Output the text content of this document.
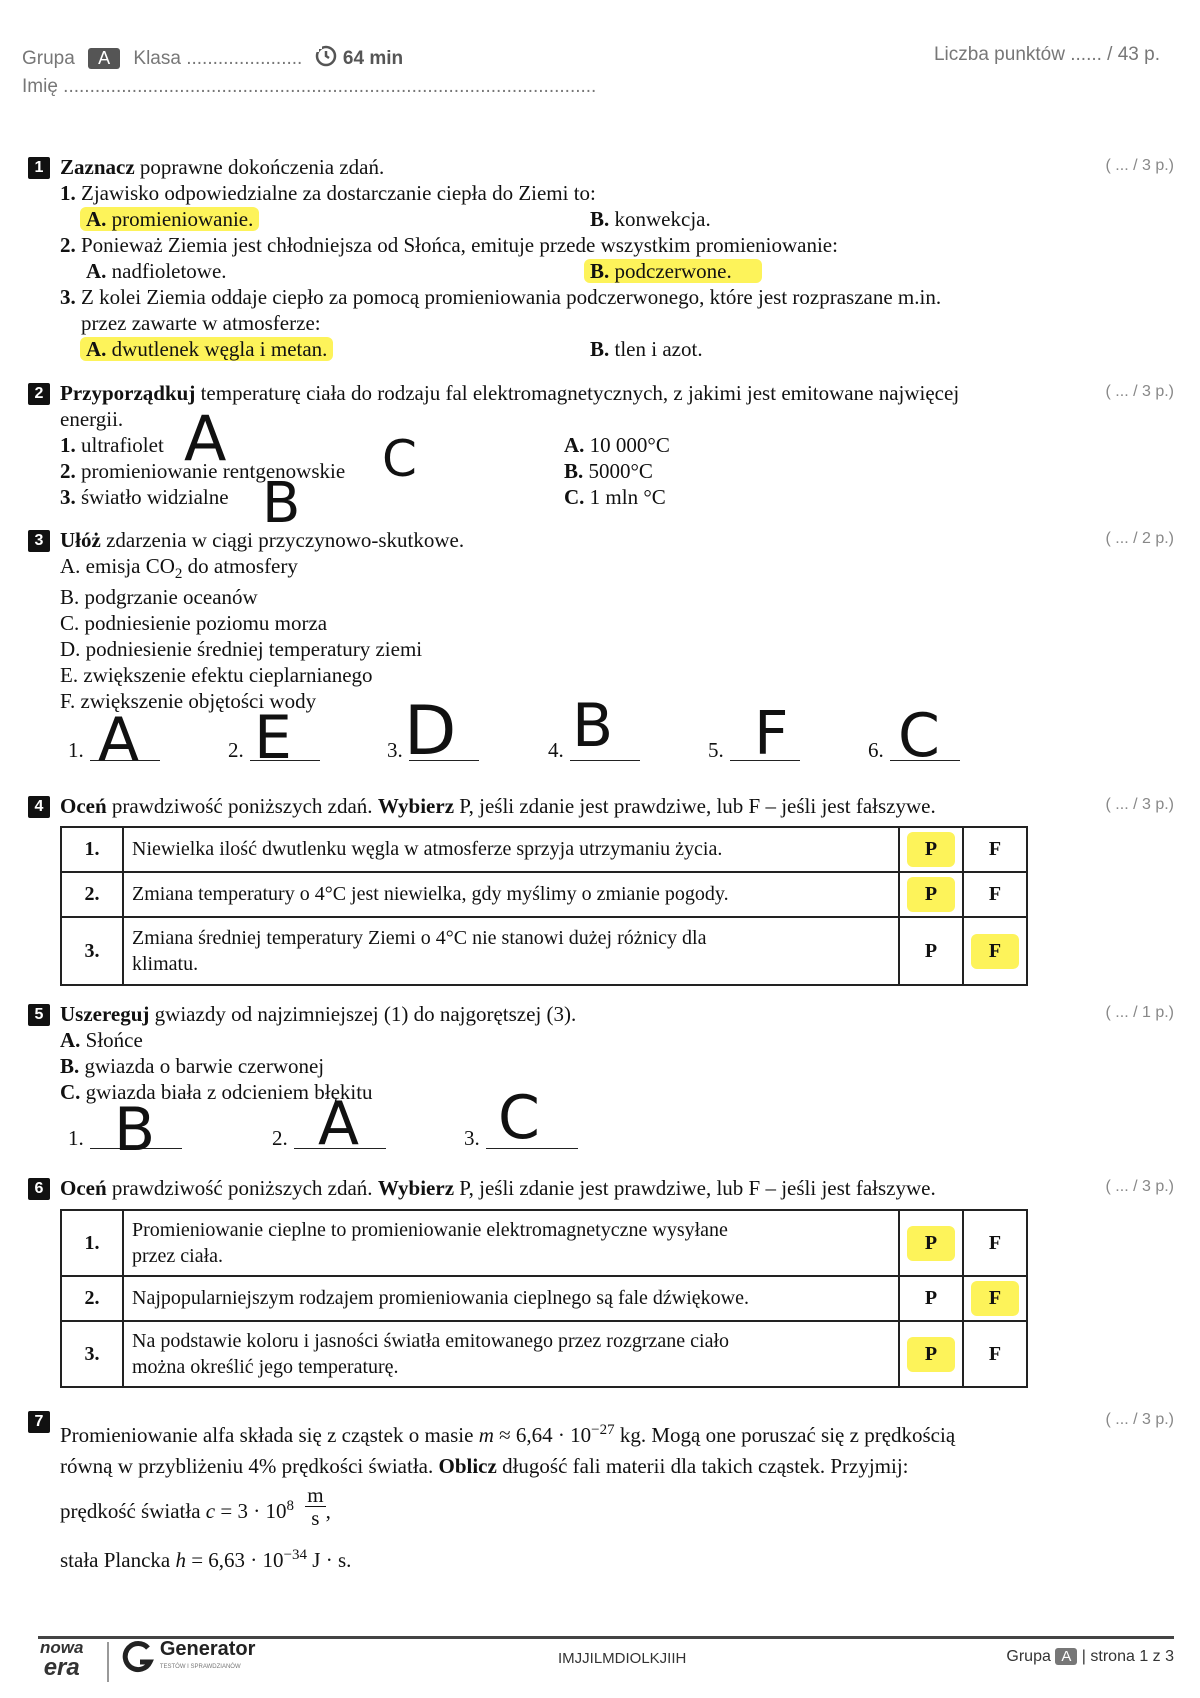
Grupa A Klasa ...................... 64 min
Imię .....................................................................................................
Liczba punktów ...... / 43 p.
1	( ... / 3 p.)
Zaznacz poprawne dokończenia zdań.
1. Zjawisko odpowiedzialne za dostarczanie ciepła do Ziemi to:
A. promieniowanie.	B. konwekcja.
2. Ponieważ Ziemia jest chłodniejsza od Słońca, emituje przede wszystkim promieniowanie:
A. nadfioletowe.	B. podczerwone.
3. Z kolei Ziemia oddaje ciepło za pomocą promieniowania podczerwonego, które jest rozpraszane m.in.
przez zawarte w atmosferze:
A. dwutlenek węgla i metan.	B. tlen i azot.
2	( ... / 3 p.)
Przyporządkuj temperaturę ciała do rodzaju fal elektromagnetycznych, z jakimi jest emitowane najwięcej
energii.
1. ultrafiolet
2. promieniowanie rentgenowskie
3. światło widzialne
A. 10 000°C
B. 5000°C
C. 1 mln °C
A	C
B
3	( ... / 2 p.)
Ułóż zdarzenia w ciągi przyczynowo-skutkowe.
A. emisja $CO_2$ do atmosfery
B. podgrzanie oceanów
C. podniesienie poziomu morza
D. podniesienie średniej temperatury ziemi
E. zwiększenie efektu cieplarnianego
F. zwiększenie objętości wody
1. A	2. E	3. D	4. B	5. F	6. C
4	( ... / 3 p.)
Oceń prawdziwość poniższych zdań. Wybierz P, jeśli zdanie jest prawdziwe, lub F – jeśli jest fałszywe.
1.	Niewielka ilość dwutlenku węgla w atmosferze sprzyja utrzymaniu życia.	P	F
2.	Zmiana temperatury o 4°C jest niewielka, gdy myślimy o zmianie pogody.	P	F
3.	Zmiana średniej temperatury Ziemi o 4°C nie stanowi dużej różnicy dla
klimatu.	P	F
5	( ... / 1 p.)
Uszereguj gwiazdy od najzimniejszej (1) do najgorętszej (3).
A. Słońce
B. gwiazda o barwie czerwonej
C. gwiazda biała z odcieniem błękitu
1. B	2. A	3. C
6	( ... / 3 p.)
Oceń prawdziwość poniższych zdań. Wybierz P, jeśli zdanie jest prawdziwe, lub F – jeśli jest fałszywe.
1.	Promieniowanie cieplne to promieniowanie elektromagnetyczne wysyłane
przez ciała.	P	F
2.	Najpopularniejszym rodzajem promieniowania cieplnego są fale dźwiękowe.	P	F
3.	Na podstawie koloru i jasności światła emitowanego przez rozgrzane ciało
można określić jego temperaturę.	P	F
7	( ... / 3 p.)
Promieniowanie alfa składa się z cząstek o masie $m \approx 6,64 \cdot 10^{-27}$ kg. Mogą one poruszać się z prędkością
równą w przybliżeniu 4% prędkości światła. Oblicz długość fali materii dla takich cząstek. Przyjmij:
prędkość światła $c = 3 \cdot 10^8 \frac{m}{s}$ ,
stała Plancka $h = 6,63 \cdot 10^{-34}$ J · s.
nowa
era

Generator
TESTÓW I SPRAWDZIANÓW	IMJJILMDIOLKJIIH	Grupa A | strona 1 z 3
